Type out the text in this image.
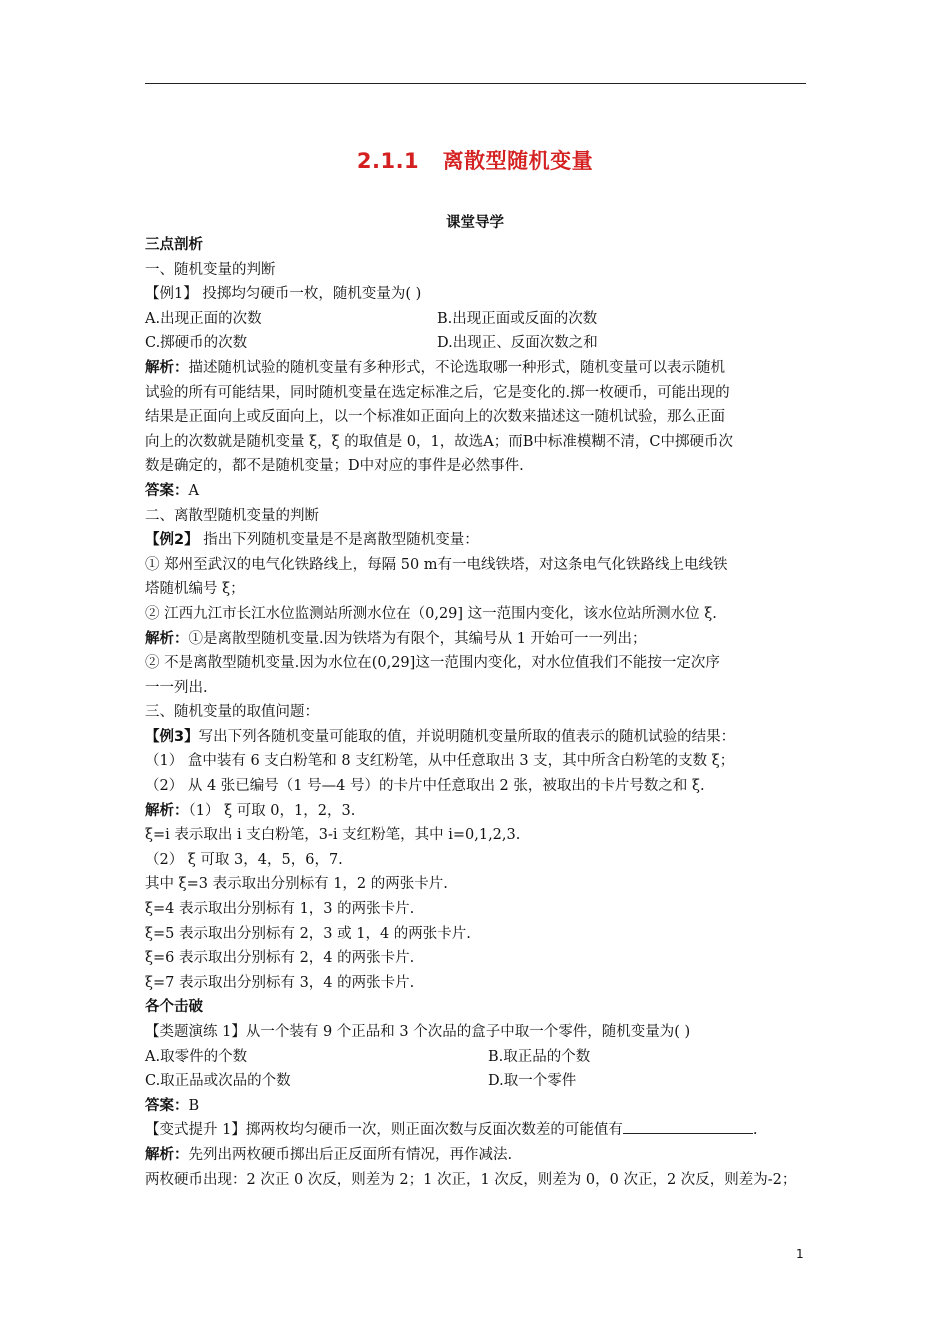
2.1.1   离散型随机变量
课堂导学

三点剖析

一、随机变量的判断

【例1】 投掷均匀硬币一枚，随机变量为( )

A.出现正面的次数	B.出现正面或反面的次数
C.掷硬币的次数	D.出现正、反面次数之和

解析：描述随机试验的随机变量有多种形式，不论选取哪一种形式，随机变量可以表示随机

试验的所有可能结果，同时随机变量在选定标准之后，它是变化的.掷一枚硬币，可能出现的

结果是正面向上或反面向上，以一个标准如正面向上的次数来描述这一随机试验，那么正面

向上的次数就是随机变量 ξ，ξ 的取值是 0，1，故选A；而B中标准模糊不清，C中掷硬币次

数是确定的，都不是随机变量；D中对应的事件是必然事件.

答案：A

二、离散型随机变量的判断

【例2】 指出下列随机变量是不是离散型随机变量：

① 郑州至武汉的电气化铁路线上，每隔 50 m有一电线铁塔，对这条电气化铁路线上电线铁

塔随机编号 ξ；

② 江西九江市长江水位监测站所测水位在（0,29] 这一范围内变化，该水位站所测水位 ξ.

解析：①是离散型随机变量.因为铁塔为有限个，其编号从 1 开始可一一列出；

② 不是离散型随机变量.因为水位在(0,29]这一范围内变化，对水位值我们不能按一定次序

一一列出.

三、随机变量的取值问题：

【例3】写出下列各随机变量可能取的值，并说明随机变量所取的值表示的随机试验的结果：

（1） 盒中装有 6 支白粉笔和 8 支红粉笔，从中任意取出 3 支，其中所含白粉笔的支数 ξ；

（2） 从 4 张已编号（1 号—4 号）的卡片中任意取出 2 张，被取出的卡片号数之和 ξ.

解析：（1） ξ 可取 0，1，2，3.

ξ=i 表示取出 i 支白粉笔，3-i 支红粉笔，其中 i=0,1,2,3.

（2） ξ 可取 3，4，5，6，7.

其中 ξ=3 表示取出分别标有 1，2 的两张卡片.

ξ=4 表示取出分别标有 1，3 的两张卡片.

ξ=5 表示取出分别标有 2，3 或 1，4 的两张卡片.

ξ=6 表示取出分别标有 2，4 的两张卡片.

ξ=7 表示取出分别标有 3，4 的两张卡片.

各个击破

【类题演练 1】从一个装有 9 个正品和 3 个次品的盒子中取一个零件，随机变量为( )

A.取零件的个数	B.取正品的个数
C.取正品或次品的个数	D.取一个零件

答案：B

【变式提升 1】掷两枚均匀硬币一次，则正面次数与反面次数差的可能值有	.

解析：先列出两枚硬币掷出后正反面所有情况，再作减法.

两枚硬币出现：2 次正 0 次反，则差为 2；1 次正，1 次反，则差为 0，0 次正，2 次反，则差为-2；

1
